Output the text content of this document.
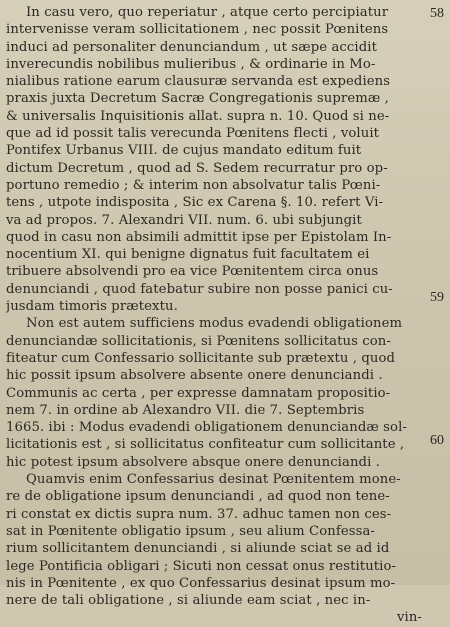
In casu vero, quo reperiatur , atque certo percipiatur
intervenisse veram sollicitationem , nec possit Pœnitens
induci ad personaliter denunciandum , ut sæpe accidit
inverecundis nobilibus mulieribus , & ordinarie in Mo-
nialibus ratione earum clausuræ servanda est expediens
praxis juxta Decretum Sacræ Congregationis supremæ ,
& universalis Inquisitionis allat. supra n. 10. Quod si ne-
que ad id possit talis verecunda Pœnitens flecti , voluit
Pontifex Urbanus VIII. de cujus mandato editum fuit
dictum Decretum , quod ad S. Sedem recurratur pro op-
portuno remedio ; & interim non absolvatur talis Pœni-
tens , utpote indisposita , Sic ex Carena §. 10. refert Vi-
va ad propos. 7. Alexandri VII. num. 6. ubi subjungit
quod in casu non absimili admittit ipse per Epistolam In-
nocentium XI. qui benigne dignatus fuit facultatem ei
tribuere absolvendi pro ea vice Pœnitentem circa onus
denunciandi , quod fatebatur subire non posse panici cu-
jusdam timoris prætextu.
Non est autem sufficiens modus evadendi obligationem
denunciandæ sollicitationis, si Pœnitens sollicitatus con-
fiteatur cum Confessario sollicitante sub prætextu , quod
hic possit ipsum absolvere absente onere denunciandi .
Communis ac certa , per expresse damnatam propositio-
nem 7. in ordine ab Alexandro VII. die 7. Septembris
1665. ibi : Modus evadendi obligationem denunciandæ sol-
licitationis est , si sollicitatus confiteatur cum sollicitante ,
hic potest ipsum absolvere absque onere denunciandi .
Quamvis enim Confessarius desinat Pœnitentem mone-
re de obligatione ipsum denunciandi , ad quod non tene-
ri constat ex dictis supra num. 37. adhuc tamen non ces-
sat in Pœnitente obligatio ipsum , seu alium Confessa-
rium sollicitantem denunciandi , si aliunde sciat se ad id
lege Pontificia obligari ; Sicuti non cessat onus restitutio-
nis in Pœnitente , ex quo Confessarius desinat ipsum mo-
nere de tali obligatione , si aliunde eam sciat , nec in-
vin-
58
59
60
